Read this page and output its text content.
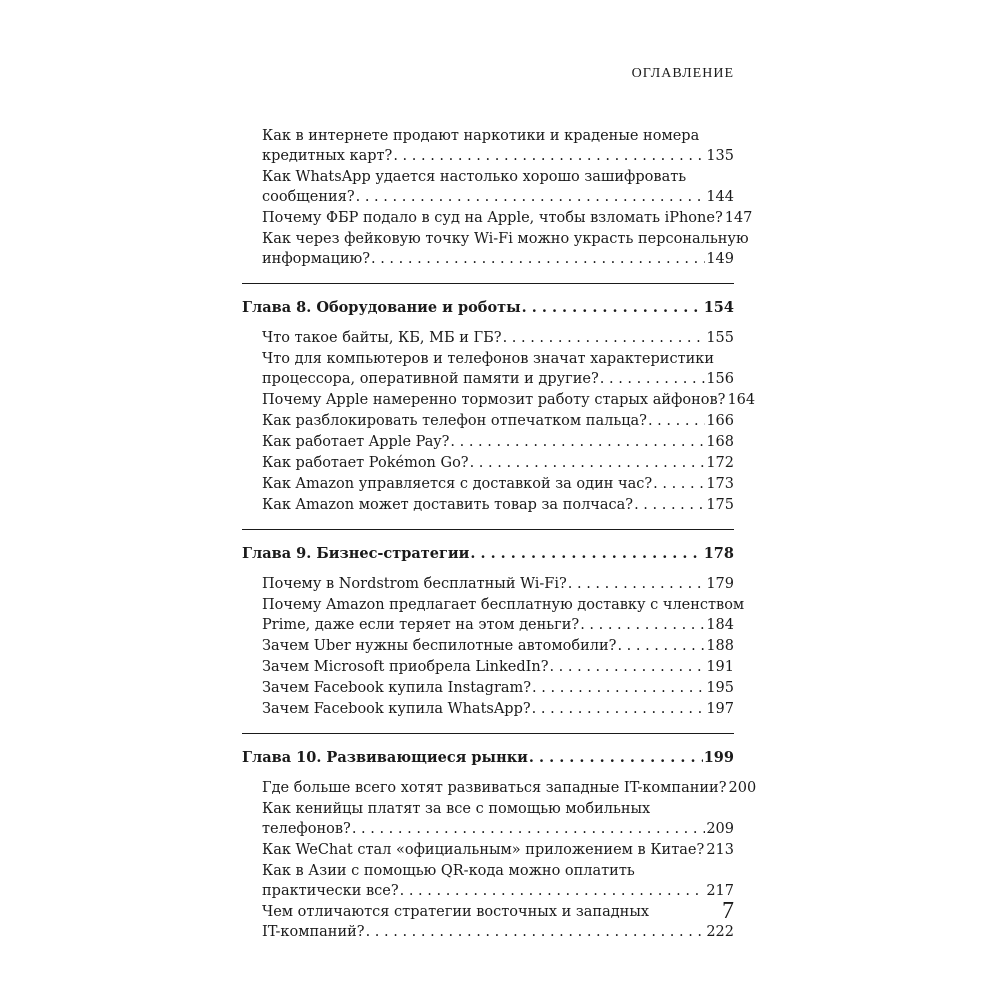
ОГЛАВЛЕНИЕ
Как в интернете продают наркотики и краденые номера
кредитных карт? . . .	135
Как WhatsApp удается настолько хорошо зашифровать
сообщения? . . .	144
Почему ФБР подало в суд на Apple, чтобы взломать iPhone? 147
Как через фейковую точку Wi-Fi можно украсть персональную
информацию? . . .	149
Глава 8. Оборудование и роботы . . .	154
Что такое байты, КБ, МБ и ГБ? . . .	155
Что для компьютеров и телефонов значат характеристики
процессора, оперативной памяти и другие? . . .	156
Почему Apple намеренно тормозит работу старых айфонов? 164
Как разблокировать телефон отпечатком пальца? . . .	166
Как работает Apple Pay? . . .	168
Как работает Pokémon Go? . . .	172
Как Amazon управляется с доставкой за один час? . . .	173
Как Amazon может доставить товар за полчаса? . . .	175
Глава 9. Бизнес-стратегии . . .	178
Почему в Nordstrom бесплатный Wi-Fi? . . .	179
Почему Amazon предлагает бесплатную доставку с членством
Prime, даже если теряет на этом деньги? . . .	184
Зачем Uber нужны беспилотные автомобили? . . .	188
Зачем Microsoft приобрела LinkedIn? . . .	191
Зачем Facebook купила Instagram? . . .	195
Зачем Facebook купила WhatsApp? . . .	197
Глава 10. Развивающиеся рынки . . .	199
Где больше всего хотят развиваться западные IT-компании? 200
Как кенийцы платят за все с помощью мобильных
телефонов? . . .	209
Как WeChat стал «официальным» приложением в Китае? . . . 213
Как в Азии с помощью QR-кода можно оплатить
практически все? . . .	217
Чем отличаются стратегии восточных и западных
IT-компаний? . . .	222
7
